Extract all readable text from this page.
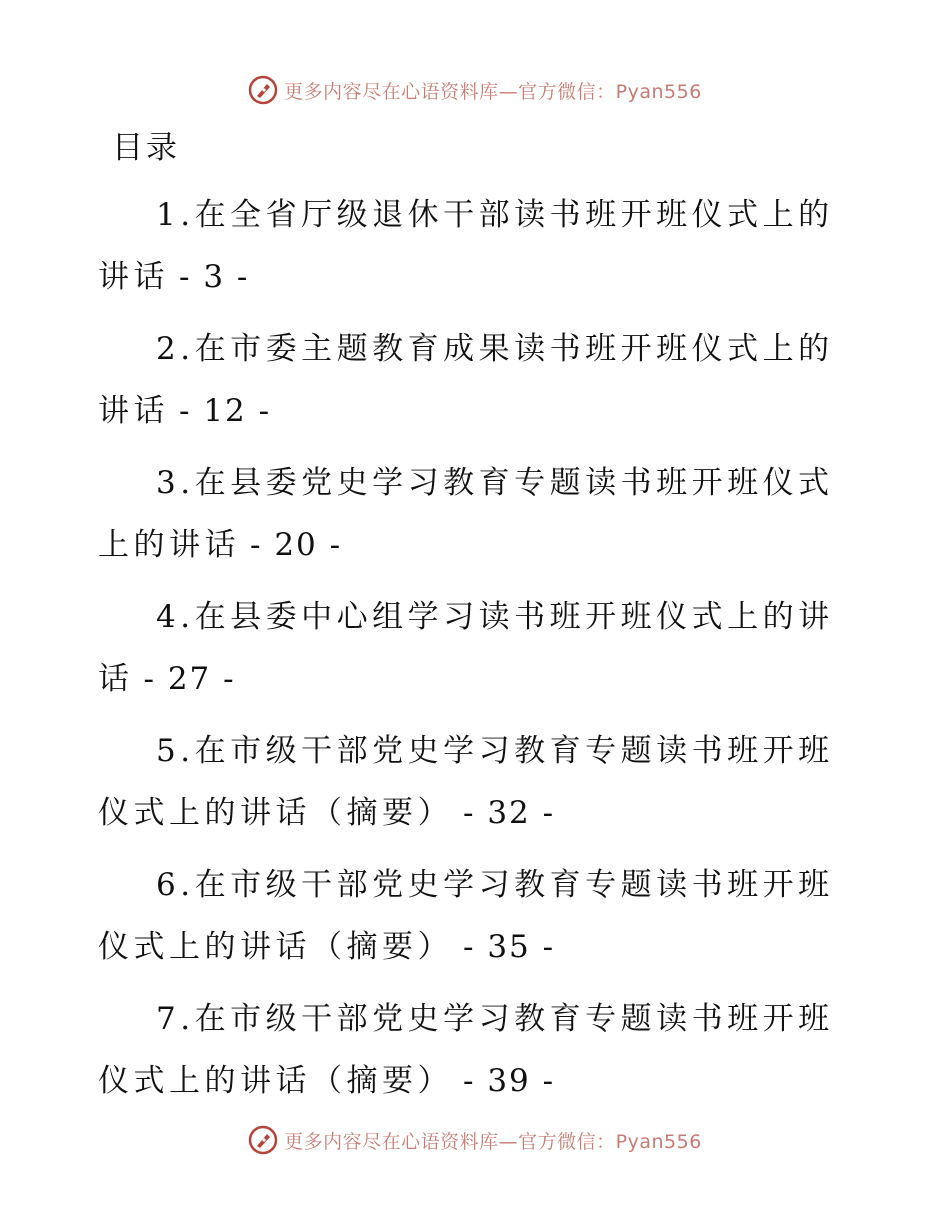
更多内容尽在心语资料库—官方微信：Pyan556
目录
1.在全省厅级退休干部读书班开班仪式上的讲话 - 3 -
2.在市委主题教育成果读书班开班仪式上的讲话 - 12 -
3.在县委党史学习教育专题读书班开班仪式上的讲话 - 20 -
4.在县委中心组学习读书班开班仪式上的讲话 - 27 -
5.在市级干部党史学习教育专题读书班开班仪式上的讲话（摘要） - 32 -
6.在市级干部党史学习教育专题读书班开班仪式上的讲话（摘要） - 35 -
7.在市级干部党史学习教育专题读书班开班仪式上的讲话（摘要） - 39 -
更多内容尽在心语资料库—官方微信：Pyan556
